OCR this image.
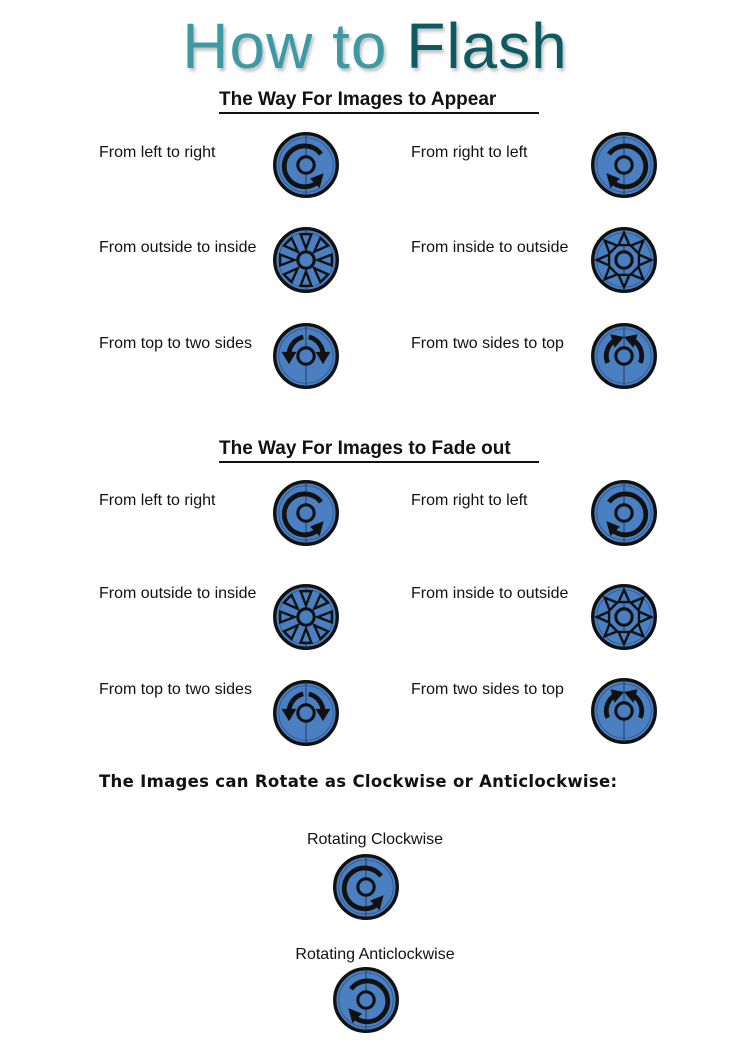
How to Flash
The Way For Images to Appear
From left to right	From right to left
From outside to inside	From inside to outside
From top to two sides	From two sides to top
The Way For Images to Fade out
From left to right	From right to left
From outside to inside	From inside to outside
From top to two sides	From two sides to top
The Images can Rotate as Clockwise or Anticlockwise:
Rotating Clockwise
Rotating Anticlockwise
